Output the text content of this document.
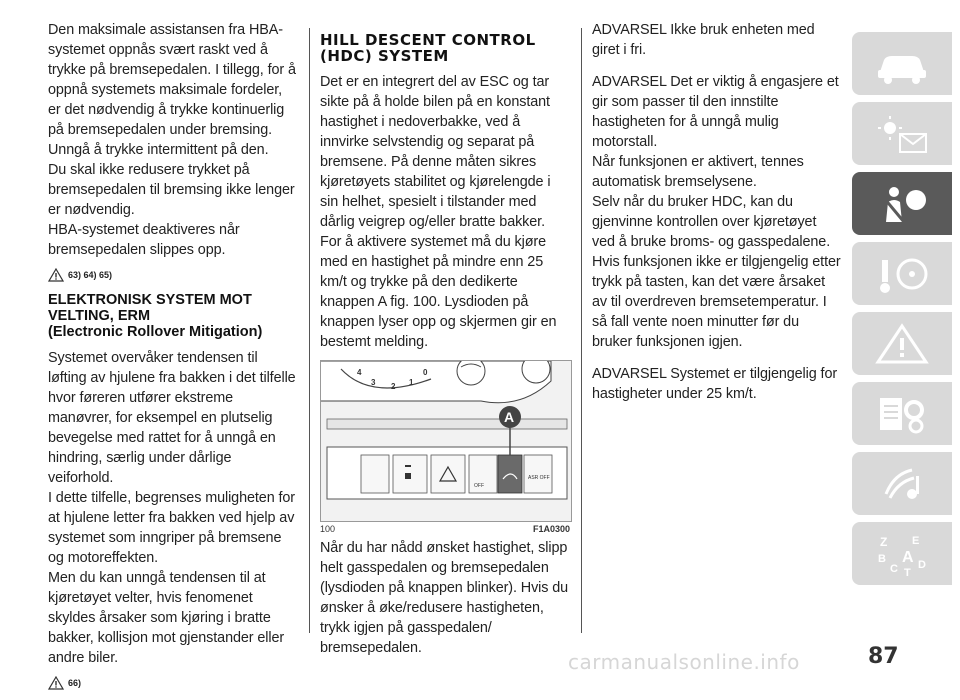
Den maksimale assistansen fra HBA-systemet oppnås svært raskt ved å trykke på bremsepedalen. I tillegg, for å oppnå systemets maksimale fordeler, er det nødvendig å trykke kontinuerlig på bremsepedalen under bremsing. Unngå å trykke intermittent på den.

Du skal ikke redusere trykket på bremsepedalen til bremsing ikke lenger er nødvendig.

HBA-systemet deaktiveres når bremsepedalen slippes opp.

63) 64) 65)
ELEKTRONISK SYSTEM MOT VELTING, ERM
(Electronic Rollover Mitigation)

Systemet overvåker tendensen til løfting av hjulene fra bakken i det tilfelle hvor føreren utfører ekstreme manøvrer, for eksempel en plutselig bevegelse med rattet for å unngå en hindring, særlig under dårlige veiforhold.

I dette tilfelle, begrenses muligheten for at hjulene letter fra bakken ved hjelp av systemet som inngriper på bremsene og motoreffekten.

Men du kan unngå tendensen til at kjøretøyet velter, hvis fenomenet skyldes årsaker som kjøring i bratte bakker, kollisjon mot gjenstander eller andre biler.

66)
HILL DESCENT CONTROL (HDC) SYSTEM

Det er en integrert del av ESC og tar sikte på å holde bilen på en konstant hastighet i nedoverbakke, ved å innvirke selvstendig og separat på bremsene. På denne måten sikres kjøretøyets stabilitet og kjørelengde i sin helhet, spesielt i tilstander med dårlig veigrep og/eller bratte bakker.

For å aktivere systemet må du kjøre med en hastighet på mindre enn 25 km/t og trykke på den dedikerte knappen A fig. 100. Lysdioden på knappen lyser opp og skjermen gir en bestemt melding.

4
3 2 1
0
OFF
ASR OFF
A
100	F1A0300

Når du har nådd ønsket hastighet, slipp helt gasspedalen og bremsepedalen (lysdioden på knappen blinker). Hvis du ønsker å øke/redusere hastigheten, trykk igjen på gasspedalen/ bremsepedalen.

ADVARSEL Ikke bruk enheten med giret i fri.

ADVARSEL Det er viktig å engasjere et gir som passer til den innstilte hastigheten for å unngå mulig motorstall.

Når funksjonen er aktivert, tennes automatisk bremselysene.

Selv når du bruker HDC, kan du gjenvinne kontrollen over kjøretøyet ved å bruke broms- og gasspedalene.

Hvis funksjonen ikke er tilgjengelig etter trykk på tasten, kan det være årsaket av til overdreven bremsetemperatur. I så fall vente noen minutter før du bruker funksjonen igjen.

ADVARSEL Systemet er tilgjengelig for hastigheter under 25 km/t.

Z E
B A
C D
T
87
carmanualsonline.info
